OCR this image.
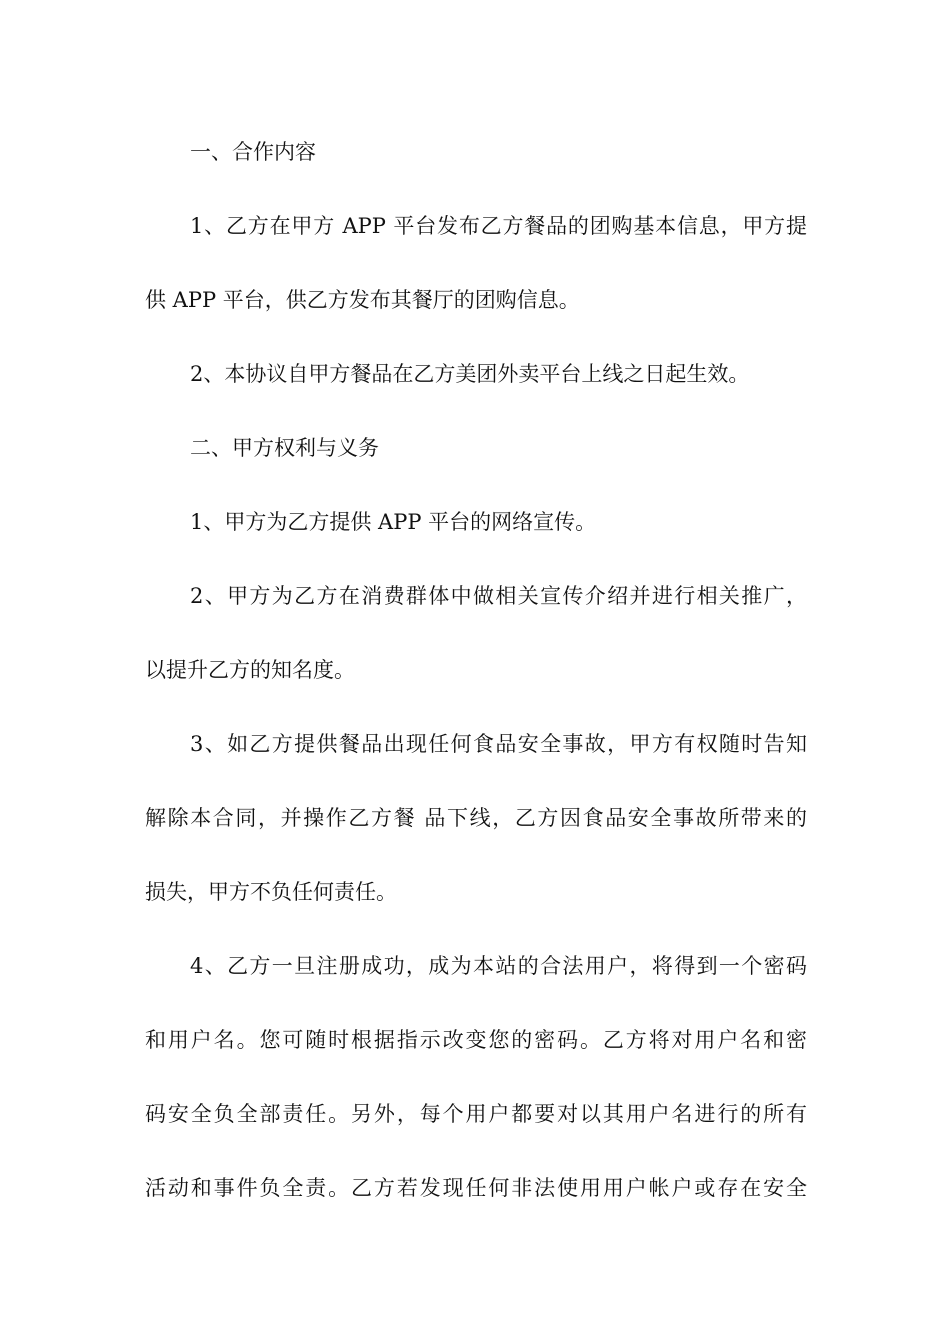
一、合作内容

1、乙方在甲方 APP 平台发布乙方餐品的团购基本信息，甲方提

供 APP 平台，供乙方发布其餐厅的团购信息。

2、本协议自甲方餐品在乙方美团外卖平台上线之日起生效。

二、甲方权利与义务

1、甲方为乙方提供 APP 平台的网络宣传。

2、甲方为乙方在消费群体中做相关宣传介绍并进行相关推广，

以提升乙方的知名度。

3、如乙方提供餐品出现任何食品安全事故，甲方有权随时告知

解除本合同，并操作乙方餐 品下线，乙方因食品安全事故所带来的

损失，甲方不负任何责任。

4、乙方一旦注册成功，成为本站的合法用户，将得到一个密码

和用户名。您可随时根据指示改变您的密码。乙方将对用户名和密

码安全负全部责任。另外，每个用户都要对以其用户名进行的所有

活动和事件负全责。乙方若发现任何非法使用用户帐户或存在安全
